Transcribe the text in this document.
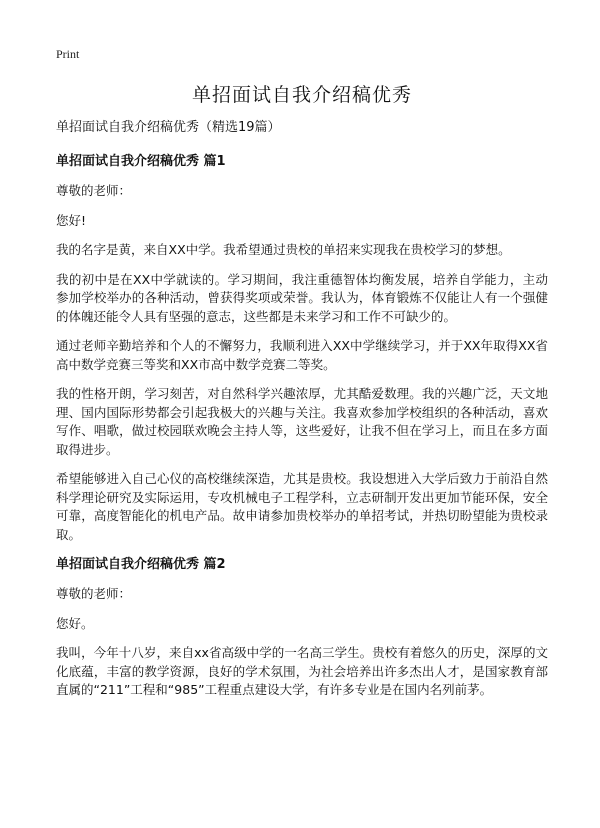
Print
单招面试自我介绍稿优秀

单招面试自我介绍稿优秀（精选19篇）

单招面试自我介绍稿优秀 篇1

尊敬的老师：

您好!

我的名字是黄，来自XX中学。我希望通过贵校的单招来实现我在贵校学习的梦想。

我的初中是在XX中学就读的。学习期间，我注重德智体均衡发展，培养自学能力，主动参加学校举办的各种活动，曾获得奖项或荣誉。我认为，体育锻炼不仅能让人有一个强健的体魄还能令人具有坚强的意志，这些都是未来学习和工作不可缺少的。

通过老师辛勤培养和个人的不懈努力，我顺利进入XX中学继续学习，并于XX年取得XX省高中数学竞赛三等奖和XX市高中数学竞赛二等奖。

我的性格开朗，学习刻苦，对自然科学兴趣浓厚，尤其酷爱数理。我的兴趣广泛，天文地理、国内国际形势都会引起我极大的兴趣与关注。我喜欢参加学校组织的各种活动，喜欢写作、唱歌，做过校园联欢晚会主持人等，这些爱好，让我不但在学习上，而且在多方面取得进步。

希望能够进入自己心仪的高校继续深造，尤其是贵校。我设想进入大学后致力于前沿自然科学理论研究及实际运用，专攻机械电子工程学科，立志研制开发出更加节能环保，安全可靠，高度智能化的机电产品。故申请参加贵校举办的单招考试，并热切盼望能为贵校录取。

单招面试自我介绍稿优秀 篇2

尊敬的老师：

您好。

我叫，今年十八岁，来自xx省高级中学的一名高三学生。贵校有着悠久的历史，深厚的文化底蕴，丰富的教学资源，良好的学术氛围，为社会培养出许多杰出人才，是国家教育部直属的“211”工程和“985”工程重点建设大学，有许多专业是在国内名列前茅。
